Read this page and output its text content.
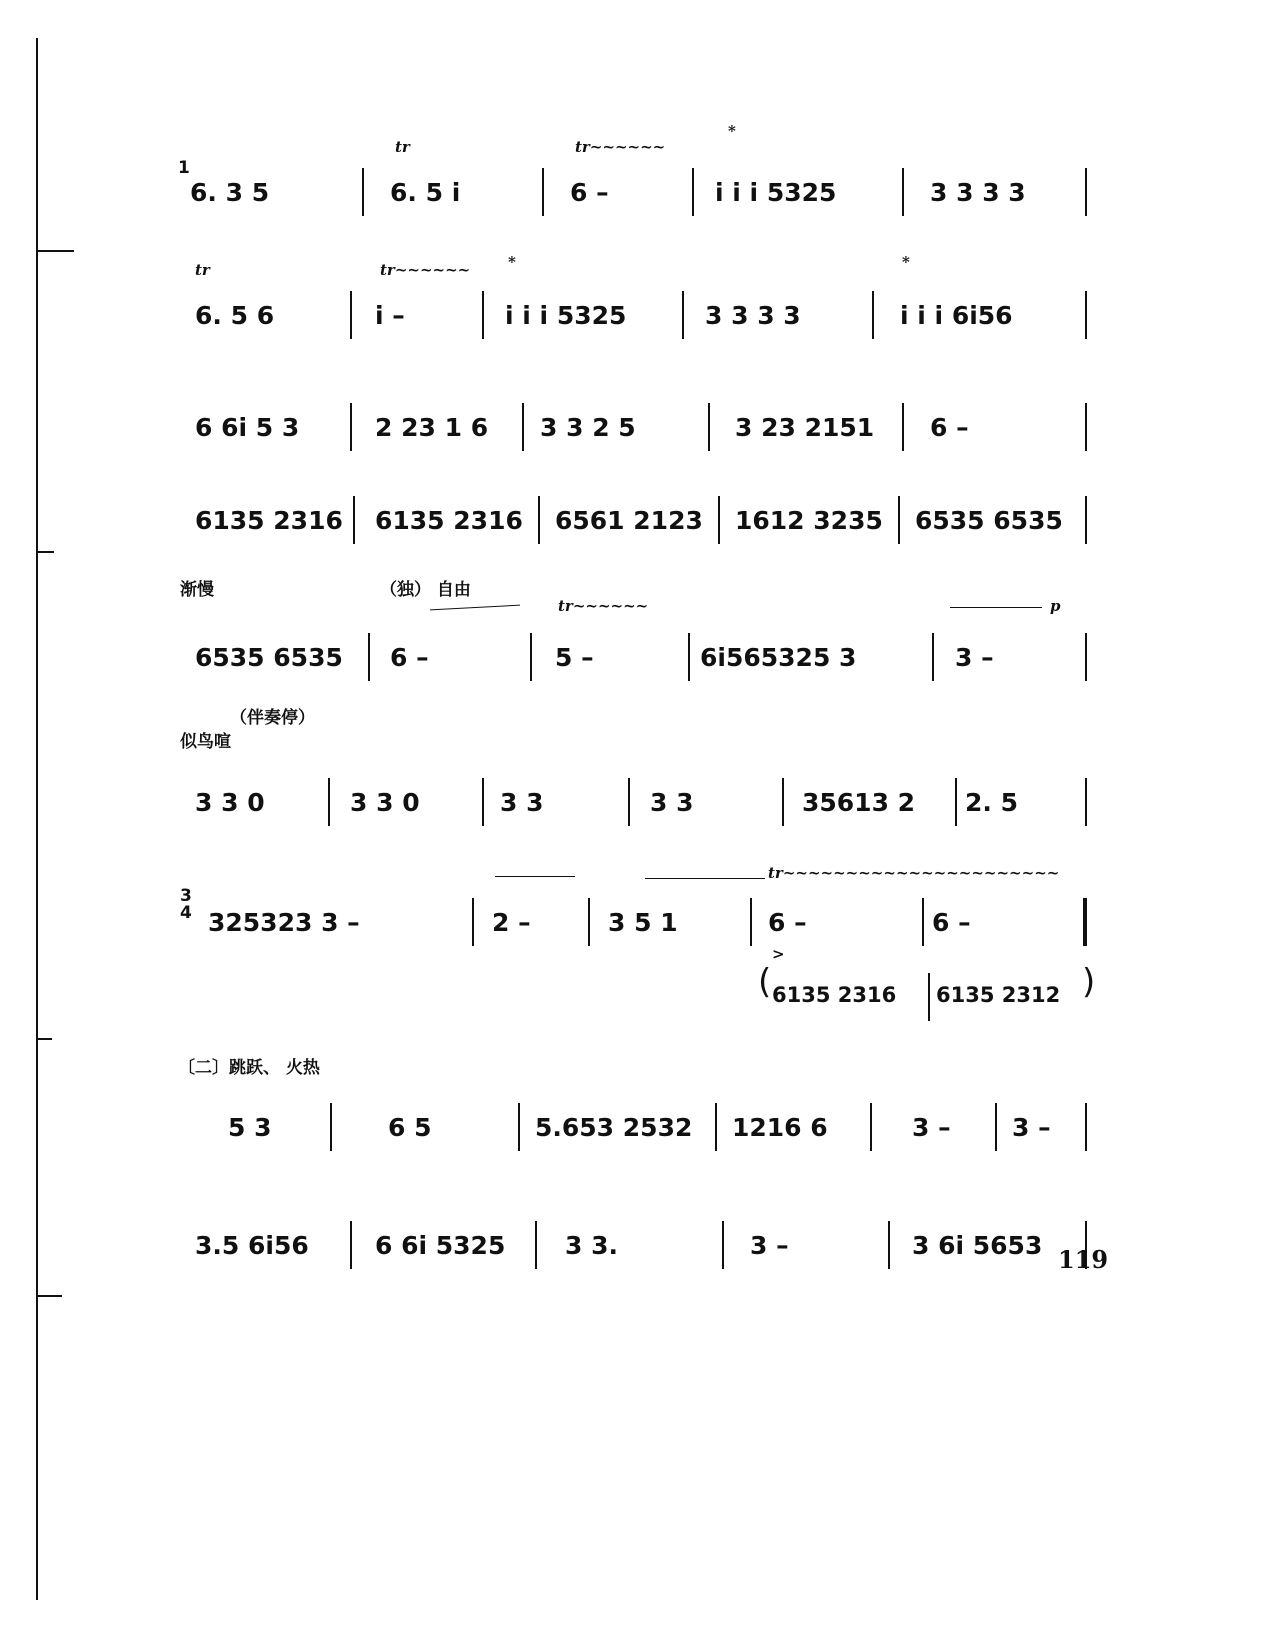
1
tr	tr~~~~~~
*
6. 3 5	6. 5 i	6 –	i i i 5325	3 3 3 3
tr	tr~~~~~~	*	*
6. 5 6	i –	i i i 5325	3 3 3 3	i i i 6i56
6 6i 5 3	2 23 1 6 3 3 2 5	3 23 2151 6 –
6135 2316 6135 2316 6561 2123 1612 3235 6535 6535
渐慢	（独） 自由
tr~~~~~~	p
6535 6535 6 –	5 –	6i565325 3	3 –
（伴奏停）
似鸟喧
3 3 0	3 3 0	3 3	3 3	35613 2 2. 5
3
4
tr~~~~~~~~~~~~~~~~~~~~~~
325323 3 –	2 –	3 5 1	6 –	6 –
(
>
6135 2316 6135 2312 )
〔二〕跳跃、 火热
5 3	6 5	5.653 2532 1216 6	3 – 3 –
3.5 6i56	6 6i 5325 3 3.	3 –	3 6i 5653 119
